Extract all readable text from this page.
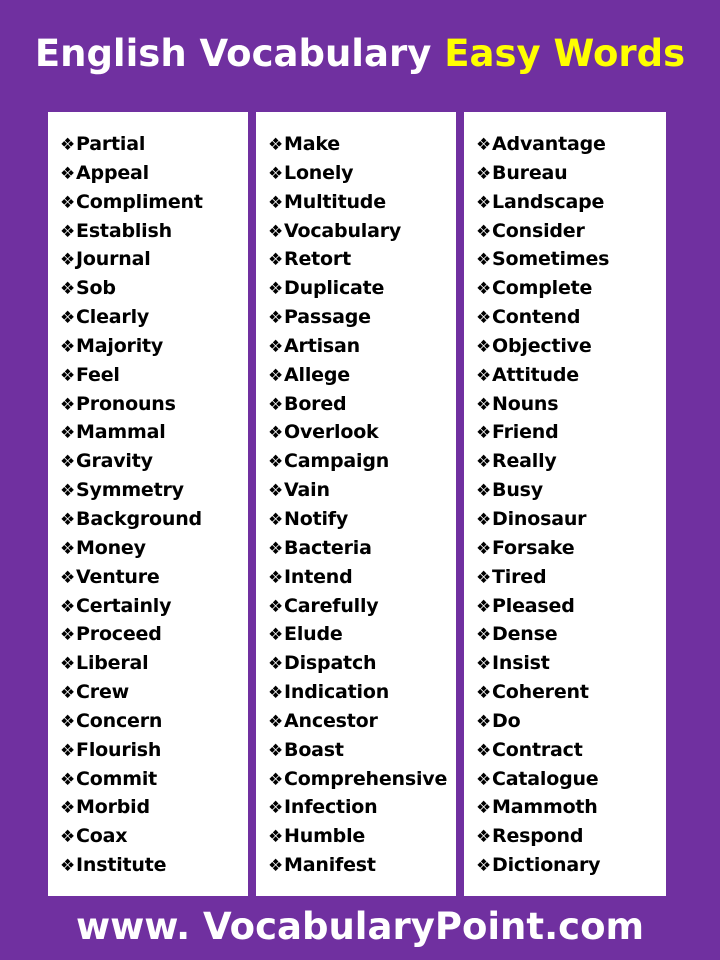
English Vocabulary Easy Words
❖Partial
❖Appeal
❖Compliment
❖Establish
❖Journal
❖Sob
❖Clearly
❖Majority
❖Feel
❖Pronouns
❖Mammal
❖Gravity
❖Symmetry
❖Background
❖Money
❖Venture
❖Certainly
❖Proceed
❖Liberal
❖Crew
❖Concern
❖Flourish
❖Commit
❖Morbid
❖Coax
❖Institute
❖Make
❖Lonely
❖Multitude
❖Vocabulary
❖Retort
❖Duplicate
❖Passage
❖Artisan
❖Allege
❖Bored
❖Overlook
❖Campaign
❖Vain
❖Notify
❖Bacteria
❖Intend
❖Carefully
❖Elude
❖Dispatch
❖Indication
❖Ancestor
❖Boast
❖Comprehensive
❖Infection
❖Humble
❖Manifest
❖Advantage
❖Bureau
❖Landscape
❖Consider
❖Sometimes
❖Complete
❖Contend
❖Objective
❖Attitude
❖Nouns
❖Friend
❖Really
❖Busy
❖Dinosaur
❖Forsake
❖Tired
❖Pleased
❖Dense
❖Insist
❖Coherent
❖Do
❖Contract
❖Catalogue
❖Mammoth
❖Respond
❖Dictionary
www. VocabularyPoint.com
